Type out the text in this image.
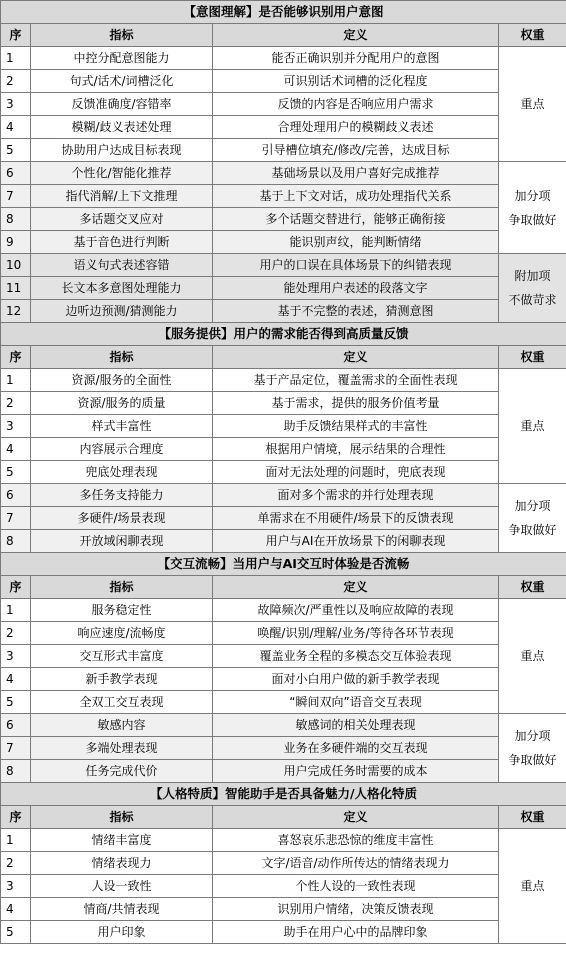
【意图理解】是否能够识别用户意图			
序	指标	定义	权重
1	中控分配意图能力	能否正确识别并分配用户的意图	重点

2	句式/话术/词槽泛化	可识别话术词槽的泛化程度	
3	反馈准确度/容错率	反馈的内容是否响应用户需求	
4	模糊/歧义表述处理	合理处理用户的模糊歧义表述	
5	协助用户达成目标表现	引导槽位填充/修改/完善，达成目标	
6	个性化/智能化推荐	基础场景以及用户喜好完成推荐	加分项
争取做好

7	指代消解/上下文推理	基于上下文对话，成功处理指代关系	
8	多话题交叉应对	多个话题交替进行，能够正确衔接	
9	基于音色进行判断	能识别声纹，能判断情绪	
10	语义句式表述容错	用户的口误在具体场景下的纠错表现	附加项
不做苛求

11	长文本多意图处理能力	能处理用户表述的段落文字	
12	边听边预测/猜测能力	基于不完整的表述，猜测意图	
【服务提供】用户的需求能否得到高质量反馈			
序	指标	定义	权重
1	资源/服务的全面性	基于产品定位，覆盖需求的全面性表现	重点

2	资源/服务的质量	基于需求，提供的服务价值考量	
3	样式丰富性	助手反馈结果样式的丰富性	
4	内容展示合理度	根据用户情境，展示结果的合理性	
5	兜底处理表现	面对无法处理的问题时，兜底表现	
6	多任务支持能力	面对多个需求的并行处理表现	加分项
争取做好

7	多硬件/场景表现	单需求在不用硬件/场景下的反馈表现	
8	开放域闲聊表现	用户与AI在开放场景下的闲聊表现	
【交互流畅】当用户与AI交互时体验是否流畅			
序	指标	定义	权重
1	服务稳定性	故障频次/严重性以及响应故障的表现	重点

2	响应速度/流畅度	唤醒/识别/理解/业务/等待各环节表现	
3	交互形式丰富度	覆盖业务全程的多模态交互体验表现	
4	新手教学表现	面对小白用户做的新手教学表现	
5	全双工交互表现	“瞬间双向”语音交互表现	
6	敏感内容	敏感词的相关处理表现	加分项
争取做好

7	多端处理表现	业务在多硬件端的交互表现	
8	任务完成代价	用户完成任务时需要的成本	
【人格特质】智能助手是否具备魅力/人格化特质			
序	指标	定义	权重
1	情绪丰富度	喜怒哀乐悲恐惊的维度丰富性	重点

2	情绪表现力	文字/语音/动作所传达的情绪表现力	
3	人设一致性	个性人设的一致性表现	
4	情商/共情表现	识别用户情绪，决策反馈表现	
5	用户印象	助手在用户心中的品牌印象	
